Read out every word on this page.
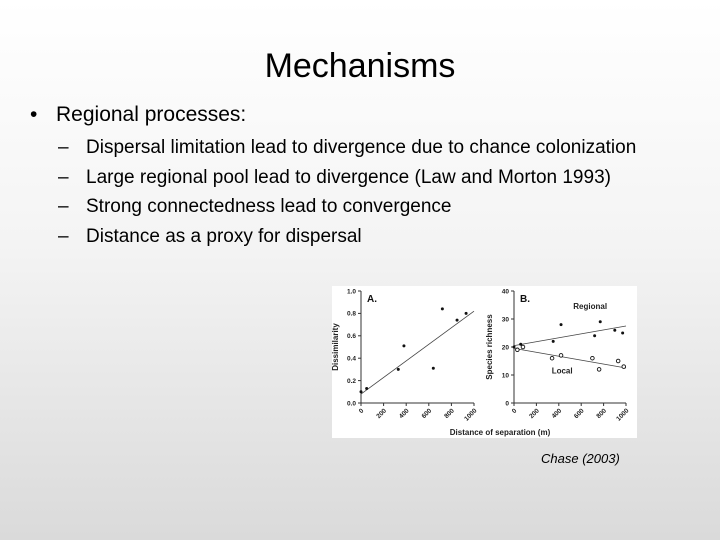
Mechanisms
• Regional processes:
– Dispersal limitation lead to divergence due to chance colonization
– Large regional pool lead to divergence (Law and Morton 1993)
– Strong connectedness lead to convergence
– Distance as a proxy for dispersal
0.0
0.2
0.4
0.6
0.8
1.0
0 200 400 600 800 1000
Dissimilarity
A.
0
10
20
30
40
0 200 400 600 800 1000
Species richness
B.
Regional
Local
Distance of separation (m)
Chase (2003)
